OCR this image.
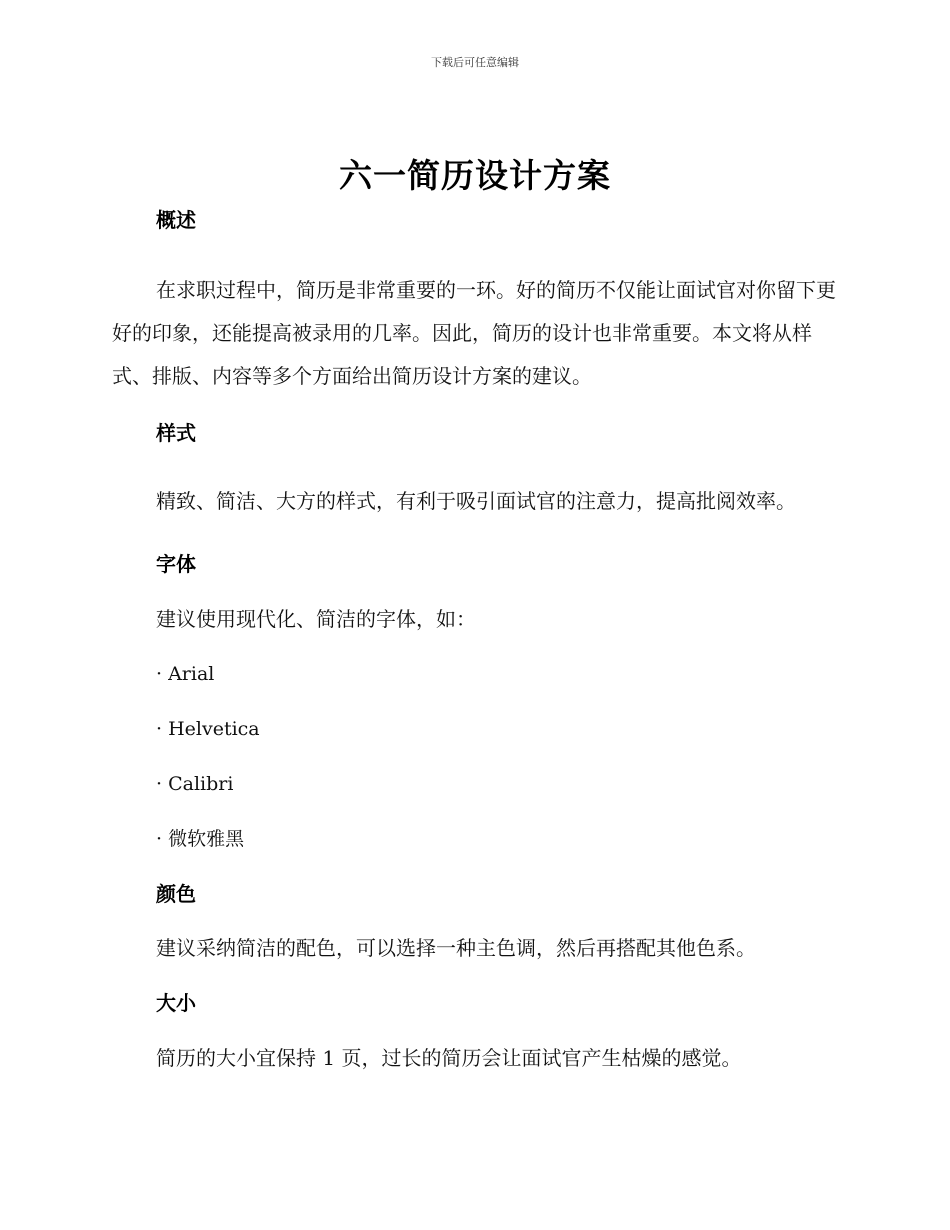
下载后可任意编辑
六一简历设计方案
概述

在求职过程中，简历是非常重要的一环。好的简历不仅能让面试官对你留下更好的印象，还能提高被录用的几率。因此，简历的设计也非常重要。本文将从样式、排版、内容等多个方面给出简历设计方案的建议。

样式

精致、简洁、大方的样式，有利于吸引面试官的注意力，提高批阅效率。

字体

建议使用现代化、简洁的字体，如：

· Arial

· Helvetica

· Calibri

· 微软雅黑

颜色

建议采纳简洁的配色，可以选择一种主色调，然后再搭配其他色系。

大小

简历的大小宜保持 1 页，过长的简历会让面试官产生枯燥的感觉。
